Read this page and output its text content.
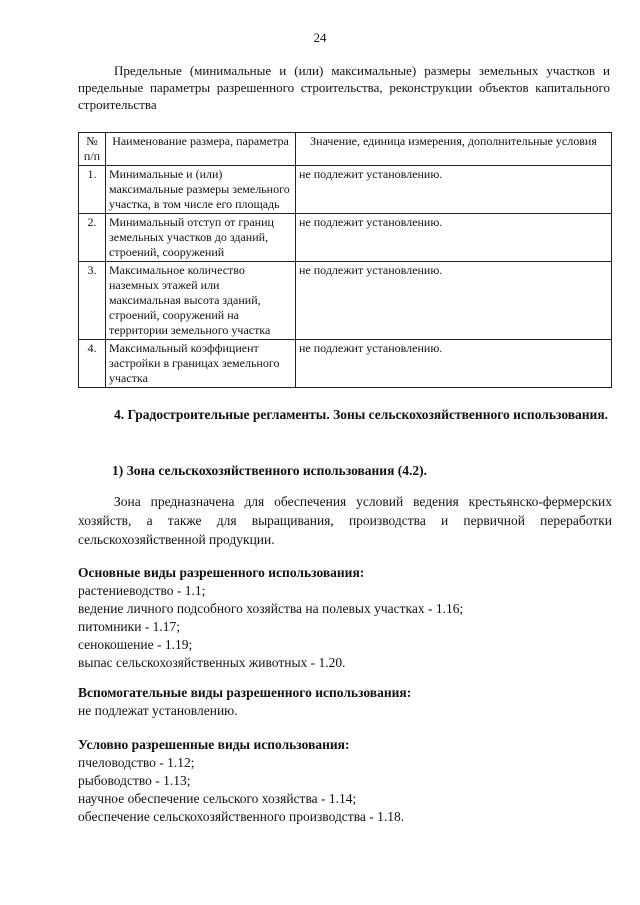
24

Предельные (минимальные и (или) максимальные) размеры земельных участков и предельные параметры разрешенного строительства, реконструкции объектов капитального строительства

№ п/п	Наименование размера, параметра	Значение, единица измерения, дополнительные условия
1.	Минимальные и (или) максимальные размеры земельного участка, в том числе его площадь	не подлежит установлению.
2.	Минимальный отступ от границ земельных участков до зданий, строений, сооружений	не подлежит установлению.
3.	Максимальное количество наземных этажей или максимальная высота зданий, строений, сооружений на территории земельного участка	не подлежит установлению.
4.	Максимальный коэффициент застройки в границах земельного участка	не подлежит установлению.

4. Градостроительные регламенты. Зоны сельскохозяйственного использования.

1) Зона сельскохозяйственного использования (4.2).

Зона предназначена для обеспечения условий ведения крестьянско-фермерских хозяйств, а также для выращивания, производства и первичной переработки сельскохозяйственной продукции.

Основные виды разрешенного использования:

растениеводство - 1.1;
ведение личного подсобного хозяйства на полевых участках - 1.16;
питомники - 1.17;
сенокошение - 1.19;
выпас сельскохозяйственных животных - 1.20.

Вспомогательные виды разрешенного использования:

не подлежат установлению.

Условно разрешенные виды использования:

пчеловодство - 1.12;
рыбоводство - 1.13;
научное обеспечение сельского хозяйства - 1.14;
обеспечение сельскохозяйственного производства - 1.18.
